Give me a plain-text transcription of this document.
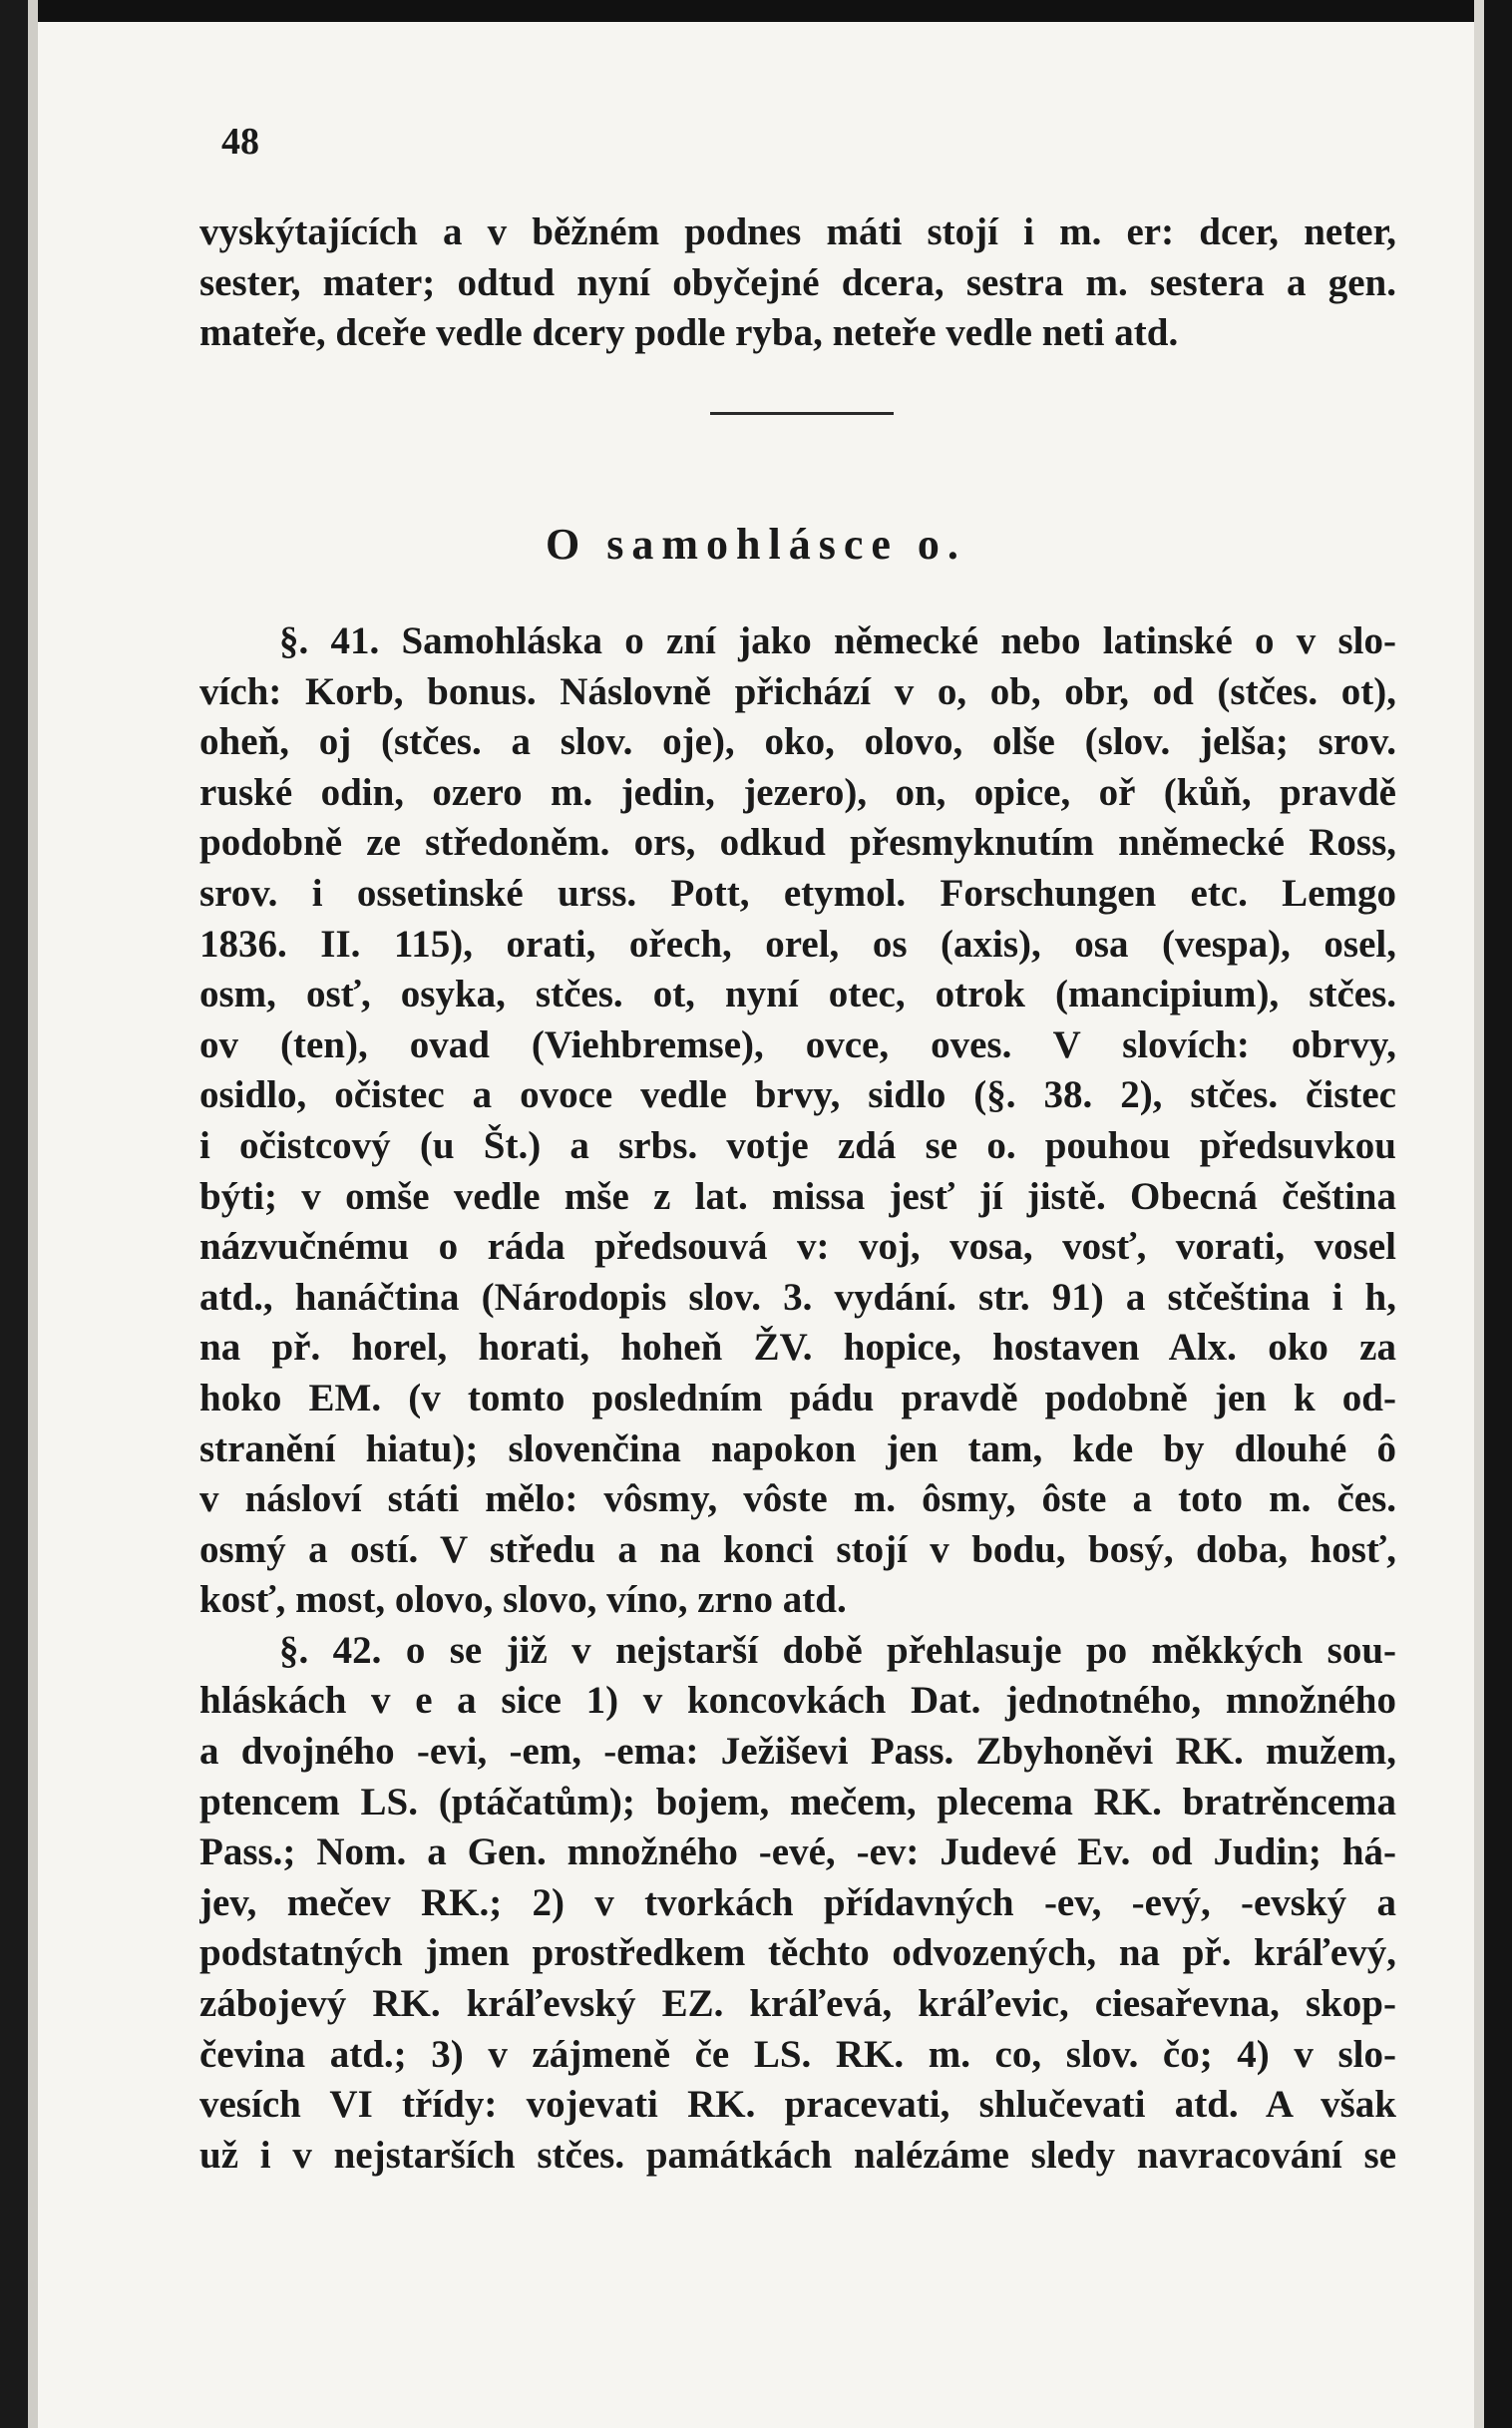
48
vyskýtajících a v běžném podnes máti stojí i m. er: dcer, neter,
sester, mater; odtud nyní obyčejné dcera, sestra m. sestera a gen.
mateře, dceře vedle dcery podle ryba, neteře vedle neti atd.
O samohlásce o.
§. 41. Samohláska o zní jako německé nebo latinské o v slo-
vích: Korb, bonus. Náslovně přichází v o, ob, obr, od (stčes. ot),
oheň, oj (stčes. a slov. oje), oko, olovo, olše (slov. jelša; srov.
ruské odin, ozero m. jedin, jezero), on, opice, oř (kůň, pravdě
podobně ze středoněm. ors, odkud přesmyknutím nněmecké Ross,
srov. i ossetinské urss. Pott, etymol. Forschungen etc. Lemgo
1836. II. 115), orati, ořech, orel, os (axis), osa (vespa), osel,
osm, osť, osyka, stčes. ot, nyní otec, otrok (mancipium), stčes.
ov (ten), ovad (Viehbremse), ovce, oves. V slovích: obrvy,
osidlo, očistec a ovoce vedle brvy, sidlo (§. 38. 2), stčes. čistec
i očistcový (u Št.) a srbs. votje zdá se o. pouhou předsuvkou
býti; v omše vedle mše z lat. missa jesť jí jistě. Obecná čeština
názvučnému o ráda předsouvá v: voj, vosa, vosť, vorati, vosel
atd., hanáčtina (Národopis slov. 3. vydání. str. 91) a stčeština i h,
na př. horel, horati, hoheň ŽV. hopice, hostaven Alx. oko za
hoko EM. (v tomto posledním pádu pravdě podobně jen k od-
stranění hiatu); slovenčina napokon jen tam, kde by dlouhé ô
v násloví státi mělo: vôsmy, vôste m. ôsmy, ôste a toto m. čes.
osmý a ostí. V středu a na konci stojí v bodu, bosý, doba, hosť,
kosť, most, olovo, slovo, víno, zrno atd.
§. 42. o se již v nejstarší době přehlasuje po měkkých sou-
hláskách v e a sice 1) v koncovkách Dat. jednotného, množného
a dvojného -evi, -em, -ema: Ježiševi Pass. Zbyhoněvi RK. mužem,
ptencem LS. (ptáčatům); bojem, mečem, plecema RK. bratrěncema
Pass.; Nom. a Gen. množného -evé, -ev: Judevé Ev. od Judin; há-
jev, mečev RK.; 2) v tvorkách přídavných -ev, -evý, -evský a
podstatných jmen prostředkem těchto odvozených, na př. kráľevý,
zábojevý RK. kráľevský EZ. kráľevá, kráľevic, ciesařevna, skop-
čevina atd.; 3) v zájmeně če LS. RK. m. co, slov. čo; 4) v slo-
vesích VI třídy: vojevati RK. pracevati, shlučevati atd. A však
už i v nejstarších stčes. památkách nalézáme sledy navracování se
